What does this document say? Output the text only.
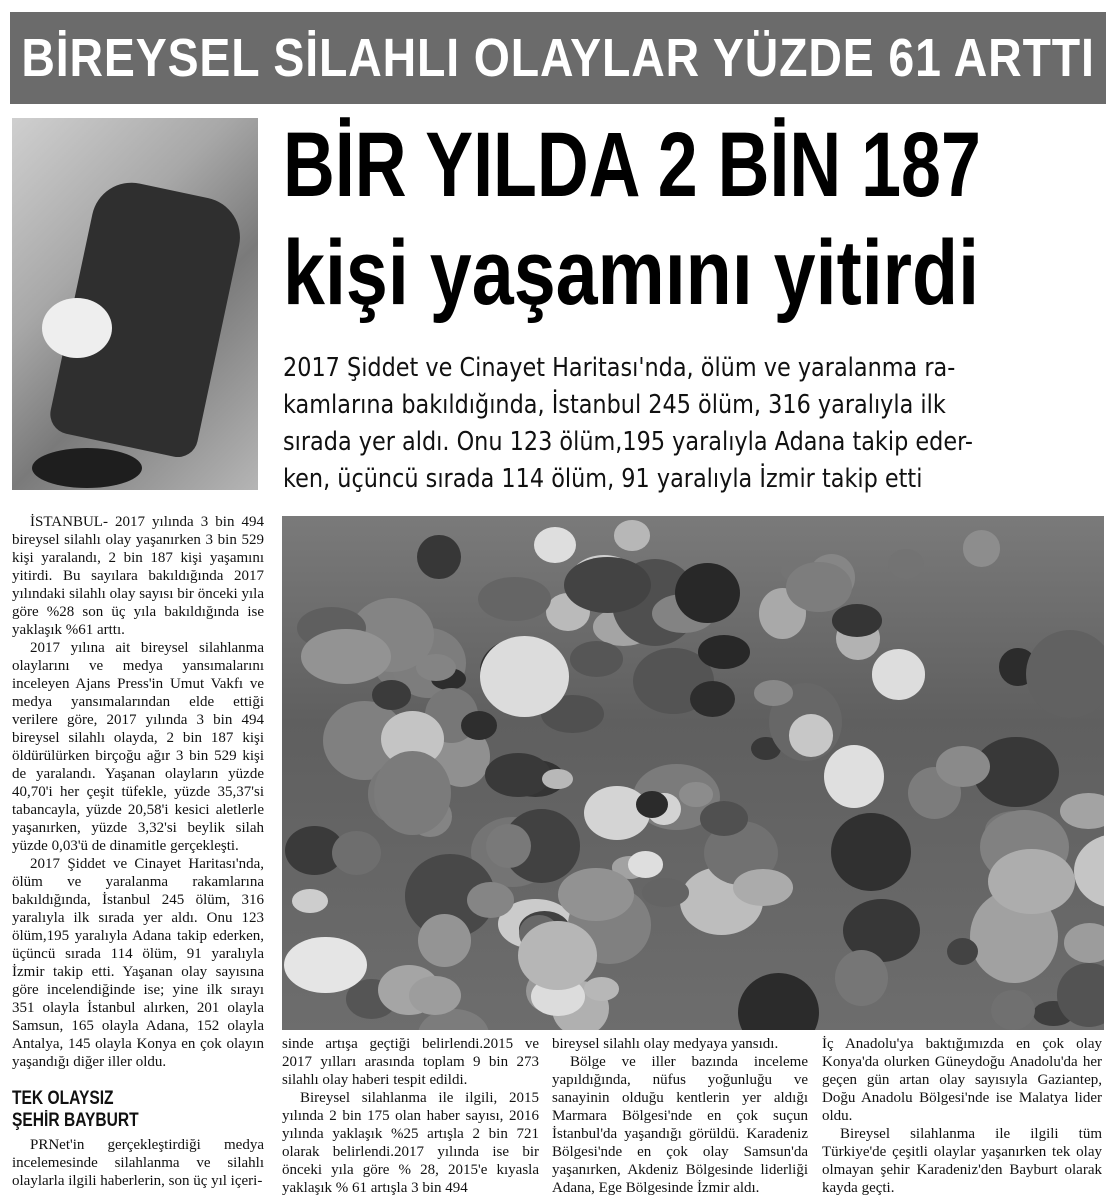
BİREYSEL SİLAHLI OLAYLAR YÜZDE 61 ARTTI
BİR YILDA 2 BİN 187
kişi yaşamını yitirdi

2017 Şiddet ve Cinayet Haritası'nda, ölüm ve yaralanma ra-

kamlarına bakıldığında, İstanbul 245 ölüm, 316 yaralıyla ilk

sırada yer aldı. Onu 123 ölüm,195 yaralıyla Adana takip eder-

ken, üçüncü sırada 114 ölüm, 91 yaralıyla İzmir takip etti

İSTANBUL- 2017 yılında 3 bin 494 bireysel silahlı olay yaşanırken 3 bin 529 kişi yaralandı, 2 bin 187 kişi yaşamını yitirdi. Bu sayılara bakıldığında 2017 yılındaki silahlı olay sayısı bir önceki yıla göre %28 son üç yıla bakıldığında ise yaklaşık %61 arttı.

2017 yılına ait bireysel silahlanma olaylarını ve medya yansımalarını inceleyen Ajans Press'in Umut Vakfı ve medya yansımalarından elde ettiği verilere göre, 2017 yılında 3 bin 494 bireysel silahlı olayda, 2 bin 187 kişi öldürülürken birçoğu ağır 3 bin 529 kişi de yaralandı. Yaşanan olayların yüzde 40,70'i her çeşit tüfekle, yüzde 35,37'si tabancayla, yüzde 20,58'i kesici aletlerle yaşanırken, yüzde 3,32'si beylik silah yüzde 0,03'ü de dinamitle gerçekleşti.

2017 Şiddet ve Cinayet Haritası'nda, ölüm ve yaralanma rakamlarına bakıldığında, İstanbul 245 ölüm, 316 yaralıyla ilk sırada yer aldı. Onu 123 ölüm,195 yaralıyla Adana takip ederken, üçüncü sırada 114 ölüm, 91 yaralıyla İzmir takip etti. Yaşanan olay sayısına göre incelendiğinde ise; yine ilk sırayı 351 olayla İstanbul alırken, 201 olayla Samsun, 165 olayla Adana, 152 olayla Antalya, 145 olayla Konya en çok olayın yaşandığı diğer iller oldu.

TEK OLAYSIZ
ŞEHİR BAYBURT

PRNet'in gerçekleştirdiği medya incelemesinde silahlanma ve silahlı olaylarla ilgili haberlerin, son üç yıl içeri-

sinde artışa geçtiği belirlendi.2015 ve 2017 yılları arasında toplam 9 bin 273 silahlı olay haberi tespit edildi.

Bireysel silahlanma ile ilgili, 2015 yılında 2 bin 175 olan haber sayısı, 2016 yılında yaklaşık %25 artışla 2 bin 721 olarak belirlendi.2017 yılında ise bir önceki yıla göre % 28, 2015'e kıyasla yaklaşık % 61 artışla 3 bin 494

bireysel silahlı olay medyaya yansıdı.

Bölge ve iller bazında inceleme yapıldığında, nüfus yoğunluğu ve sanayinin olduğu kentlerin yer aldığı Marmara Bölgesi'nde en çok suçun İstanbul'da yaşandığı görüldü. Karadeniz Bölgesi'nde en çok olay Samsun'da yaşanırken, Akdeniz Bölgesinde liderliği Adana, Ege Bölgesinde İzmir aldı.

İç Anadolu'ya baktığımızda en çok olay Konya'da olurken Güneydoğu Anadolu'da her geçen gün artan olay sayısıyla Gaziantep, Doğu Anadolu Bölgesi'nde ise Malatya lider oldu.

Bireysel silahlanma ile ilgili tüm Türkiye'de çeşitli olaylar yaşanırken tek olay olmayan şehir Karadeniz'den Bayburt olarak kayda geçti.
